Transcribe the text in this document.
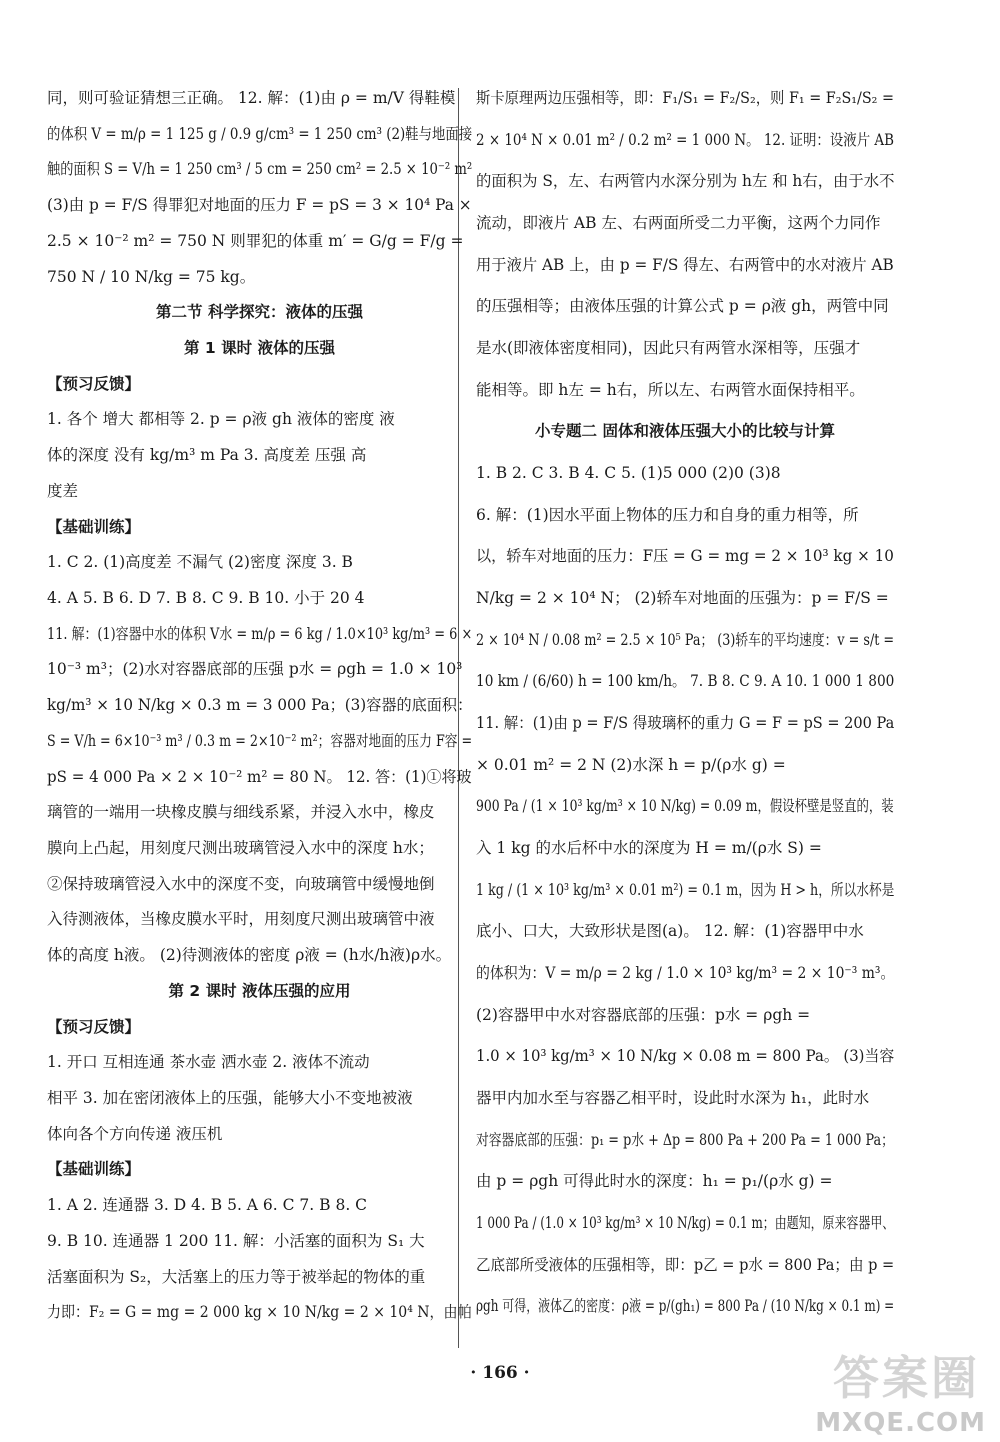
同，则可验证猜想三正确。 12. 解：(1)由 ρ = m/V 得鞋模
的体积 V = m/ρ = 1 125 g / 0.9 g/cm³ = 1 250 cm³ (2)鞋与地面接
触的面积 S = V/h = 1 250 cm³ / 5 cm = 250 cm² = 2.5 × 10⁻² m²
(3)由 p = F/S 得罪犯对地面的压力 F = pS = 3 × 10⁴ Pa ×
2.5 × 10⁻² m² = 750 N 则罪犯的体重 m′ = G/g = F/g =
750 N / 10 N/kg = 75 kg。
第二节 科学探究：液体的压强
第 1 课时 液体的压强
【预习反馈】
1. 各个 增大 都相等 2. p = ρ液 gh 液体的密度 液
体的深度 没有 kg/m³ m Pa 3. 高度差 压强 高
度差
【基础训练】
1. C 2. (1)高度差 不漏气 (2)密度 深度 3. B
4. A 5. B 6. D 7. B 8. C 9. B 10. 小于 20 4
11. 解：(1)容器中水的体积 V水 = m/ρ = 6 kg / 1.0×10³ kg/m³ = 6 ×
10⁻³ m³；(2)水对容器底部的压强 p水 = ρgh = 1.0 × 10³
kg/m³ × 10 N/kg × 0.3 m = 3 000 Pa；(3)容器的底面积：
S = V/h = 6×10⁻³ m³ / 0.3 m = 2×10⁻² m²；容器对地面的压力 F容 =
pS = 4 000 Pa × 2 × 10⁻² m² = 80 N。 12. 答：(1)①将玻
璃管的一端用一块橡皮膜与细线系紧，并浸入水中，橡皮
膜向上凸起，用刻度尺测出玻璃管浸入水中的深度 h水；
②保持玻璃管浸入水中的深度不变，向玻璃管中缓慢地倒
入待测液体，当橡皮膜水平时，用刻度尺测出玻璃管中液
体的高度 h液。 (2)待测液体的密度 ρ液 = (h水/h液)ρ水。
第 2 课时 液体压强的应用
【预习反馈】
1. 开口 互相连通 茶水壶 洒水壶 2. 液体不流动
相平 3. 加在密闭液体上的压强，能够大小不变地被液
体向各个方向传递 液压机
【基础训练】
1. A 2. 连通器 3. D 4. B 5. A 6. C 7. B 8. C
9. B 10. 连通器 1 200 11. 解：小活塞的面积为 S₁ 大
活塞面积为 S₂，大活塞上的压力等于被举起的物体的重
力即：F₂ = G = mg = 2 000 kg × 10 N/kg = 2 × 10⁴ N，由帕
斯卡原理两边压强相等，即：F₁/S₁ = F₂/S₂，则 F₁ = F₂S₁/S₂ =
2 × 10⁴ N × 0.01 m² / 0.2 m² = 1 000 N。 12. 证明：设液片 AB
的面积为 S，左、右两管内水深分别为 h左 和 h右，由于水不
流动，即液片 AB 左、右两面所受二力平衡，这两个力同作
用于液片 AB 上，由 p = F/S 得左、右两管中的水对液片 AB
的压强相等；由液体压强的计算公式 p = ρ液 gh，两管中同
是水(即液体密度相同)，因此只有两管水深相等，压强才
能相等。即 h左 = h右，所以左、右两管水面保持相平。
小专题二 固体和液体压强大小的比较与计算
1. B 2. C 3. B 4. C 5. (1)5 000 (2)0 (3)8
6. 解：(1)因水平面上物体的压力和自身的重力相等，所
以，轿车对地面的压力：F压 = G = mg = 2 × 10³ kg × 10
N/kg = 2 × 10⁴ N； (2)轿车对地面的压强为：p = F/S =
2 × 10⁴ N / 0.08 m² = 2.5 × 10⁵ Pa； (3)轿车的平均速度：v = s/t =
10 km / (6/60) h = 100 km/h。 7. B 8. C 9. A 10. 1 000 1 800
11. 解：(1)由 p = F/S 得玻璃杯的重力 G = F = pS = 200 Pa
× 0.01 m² = 2 N (2)水深 h = p/(ρ水 g) =
900 Pa / (1 × 10³ kg/m³ × 10 N/kg) = 0.09 m，假设杯壁是竖直的，装
入 1 kg 的水后杯中水的深度为 H = m/(ρ水 S) =
1 kg / (1 × 10³ kg/m³ × 0.01 m²) = 0.1 m，因为 H > h，所以水杯是
底小、口大，大致形状是图(a)。 12. 解：(1)容器甲中水
的体积为：V = m/ρ = 2 kg / 1.0 × 10³ kg/m³ = 2 × 10⁻³ m³。
(2)容器甲中水对容器底部的压强：p水 = ρgh =
1.0 × 10³ kg/m³ × 10 N/kg × 0.08 m = 800 Pa。 (3)当容
器甲内加水至与容器乙相平时，设此时水深为 h₁，此时水
对容器底部的压强：p₁ = p水 + Δp = 800 Pa + 200 Pa = 1 000 Pa；
由 p = ρgh 可得此时水的深度：h₁ = p₁/(ρ水 g) =
1 000 Pa / (1.0 × 10³ kg/m³ × 10 N/kg) = 0.1 m；由题知，原来容器甲、
乙底部所受液体的压强相等，即：p乙 = p水 = 800 Pa；由 p =
ρgh 可得，液体乙的密度：ρ液 = p/(gh₁) = 800 Pa / (10 N/kg × 0.1 m) =
· 166 ·	答案圈
MXQE.COM
